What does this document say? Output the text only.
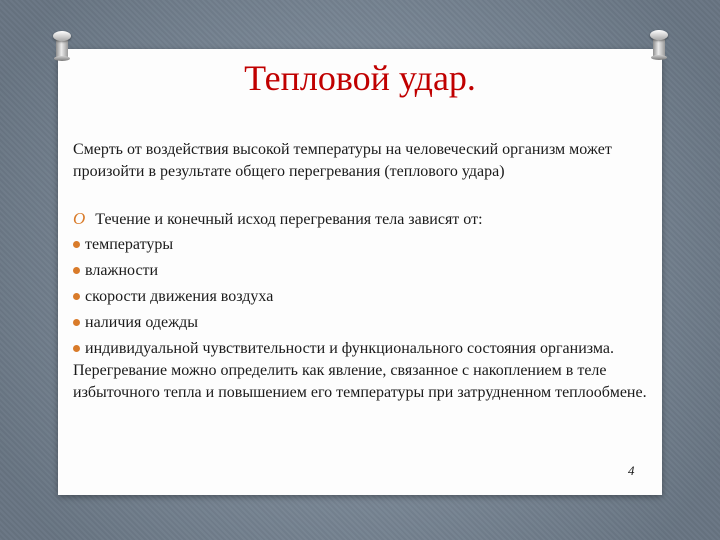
Тепловой удар.
Смерть от воздействия высокой температуры на человеческий организм может произойти в результате общего перегревания (теплового удара)
O Течение и конечный исход перегревания тела зависят от:
температуры
влажности
скорости движения воздуха
наличия одежды
индивидуальной чувствительности и функционального состояния организма.
Перегревание можно определить как явление, связанное с накоплением в теле избыточного тепла и повышением его температуры при затрудненном теплообмене.
4
